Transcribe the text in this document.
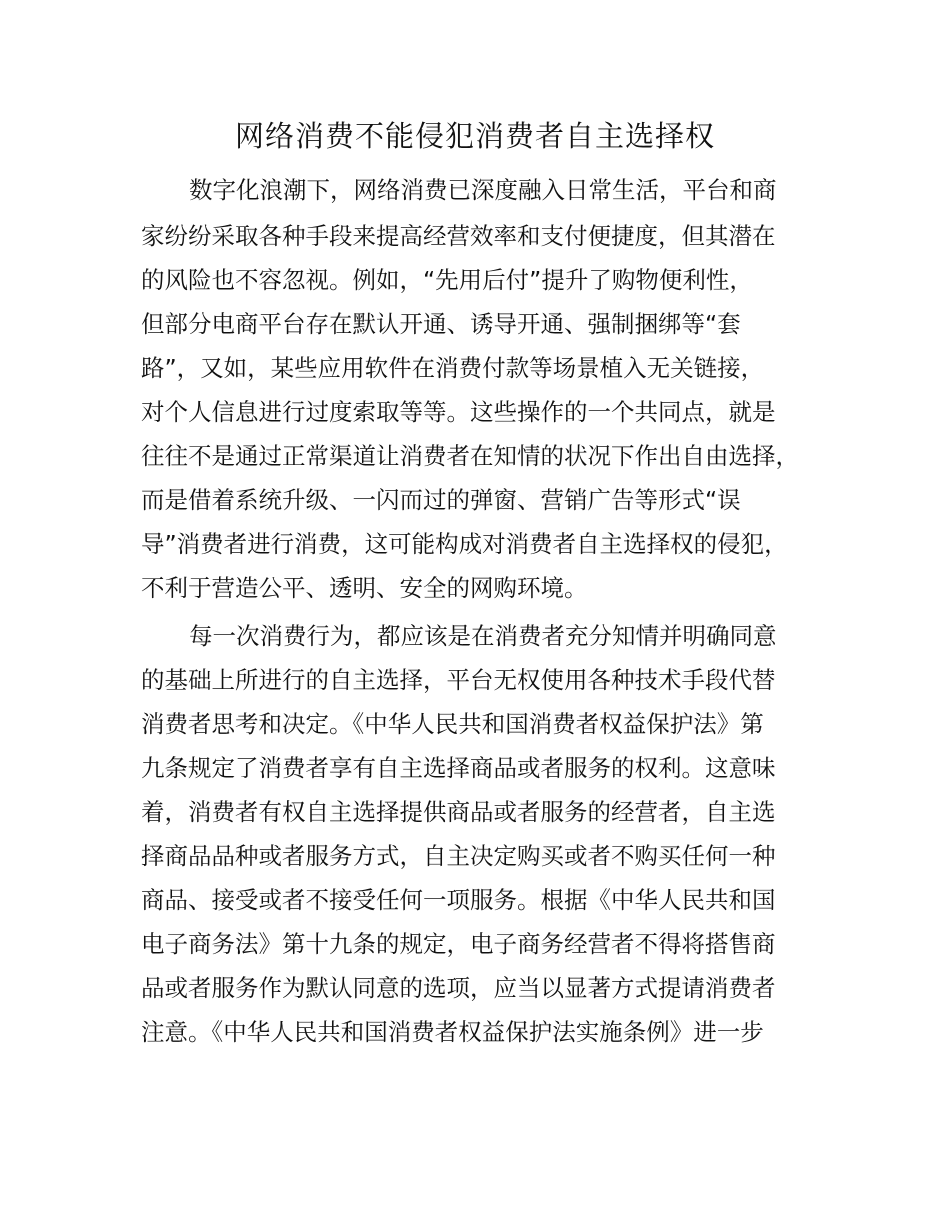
网络消费不能侵犯消费者自主选择权

数字化浪潮下，网络消费已深度融入日常生活，平台和商

家纷纷采取各种手段来提高经营效率和支付便捷度，但其潜在

的风险也不容忽视。例如，“先用后付”提升了购物便利性，

但部分电商平台存在默认开通、诱导开通、强制捆绑等“套

路”，又如，某些应用软件在消费付款等场景植入无关链接，

对个人信息进行过度索取等等。这些操作的一个共同点，就是

往往不是通过正常渠道让消费者在知情的状况下作出自由选择，

而是借着系统升级、一闪而过的弹窗、营销广告等形式“误

导”消费者进行消费，这可能构成对消费者自主选择权的侵犯，

不利于营造公平、透明、安全的网购环境。

每一次消费行为，都应该是在消费者充分知情并明确同意

的基础上所进行的自主选择，平台无权使用各种技术手段代替

消费者思考和决定。《中华人民共和国消费者权益保护法》第

九条规定了消费者享有自主选择商品或者服务的权利。这意味

着，消费者有权自主选择提供商品或者服务的经营者，自主选

择商品品种或者服务方式，自主决定购买或者不购买任何一种

商品、接受或者不接受任何一项服务。根据《中华人民共和国

电子商务法》第十九条的规定，电子商务经营者不得将搭售商

品或者服务作为默认同意的选项，应当以显著方式提请消费者

注意。《中华人民共和国消费者权益保护法实施条例》进一步
